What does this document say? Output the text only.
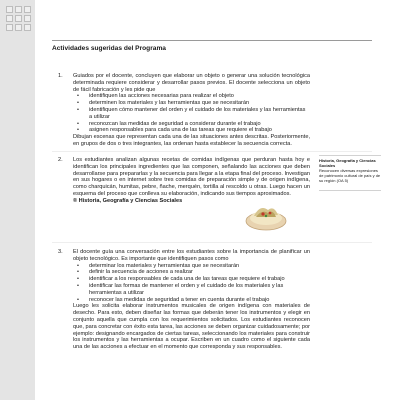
Actividades sugeridas del Programa
1. Guiados por el docente, concluyen que elaborar un objeto o generar una solución tecnológica determinada requiere considerar y desarrollar pasos previos. El docente selecciona un objeto de fácil fabricación y les pide que

• identifiquen las acciones necesarias para realizar el objeto
• determinen los materiales y las herramientas que se necesitarán
• identifiquen cómo mantener del orden y el cuidado de los materiales y las herramientas a utilizar
• reconozcan las medidas de seguridad a considerar durante el trabajo
• asignen responsables para cada una de las tareas que requiere el trabajo

Dibujan escenas que representan cada una de las situaciones antes descritas. Posteriormente, en grupos de dos o tres integrantes, las ordenan hasta establecer la secuencia correcta.

2. Los estudiantes analizan algunas recetas de comidas indígenas que perduran hasta hoy e identifican los principales ingredientes que las componen, señalando las acciones que deben desarrollarse para prepararlas y la secuencia para llegar a la etapa final del proceso. Investigan en sus hogares o en internet sobre tres comidas de preparación simple y de origen indígena, como charquicán, humitas, pebre, ñache, merquén, tortilla al rescoldo u otras. Luego hacen un esquema del proceso que conlleva su elaboración, indicando sus tiempos aproximados.

® Historia, Geografía y Ciencias Sociales

Historia, Geografía y Ciencias Sociales

Reconocen diversas expresiones de patrimonio cultural de país y de su región (OA 5)

3. El docente guía una conversación entre los estudiantes sobre la importancia de planificar un objeto tecnológico. Es importante que identifiquen pasos como

• determinar los materiales y herramientas que se necesitarán
• definir la secuencia de acciones a realizar
• identificar a los responsables de cada una de las tareas que requiere el trabajo
• identificar las formas de mantener el orden y el cuidado de los materiales y las herramientas a utilizar
• reconocer las medidas de seguridad a tener en cuenta durante el trabajo

Luego les solicita elaborar instrumentos musicales de origen indígena con materiales de desecho. Para esto, deben diseñar las formas que deberán tener los instrumentos y elegir en conjunto aquella que cumpla con los requerimientos solicitados. Los estudiantes reconocen que, para concretar con éxito esta tarea, las acciones se deben organizar cuidadosamente; por ejemplo: designando encargados de ciertas tareas, seleccionando los materiales para construir los instrumentos y las herramientas a ocupar. Escriben en un cuadro como el siguiente cada una de las acciones a efectuar en el momento que corresponda y sus responsables.
